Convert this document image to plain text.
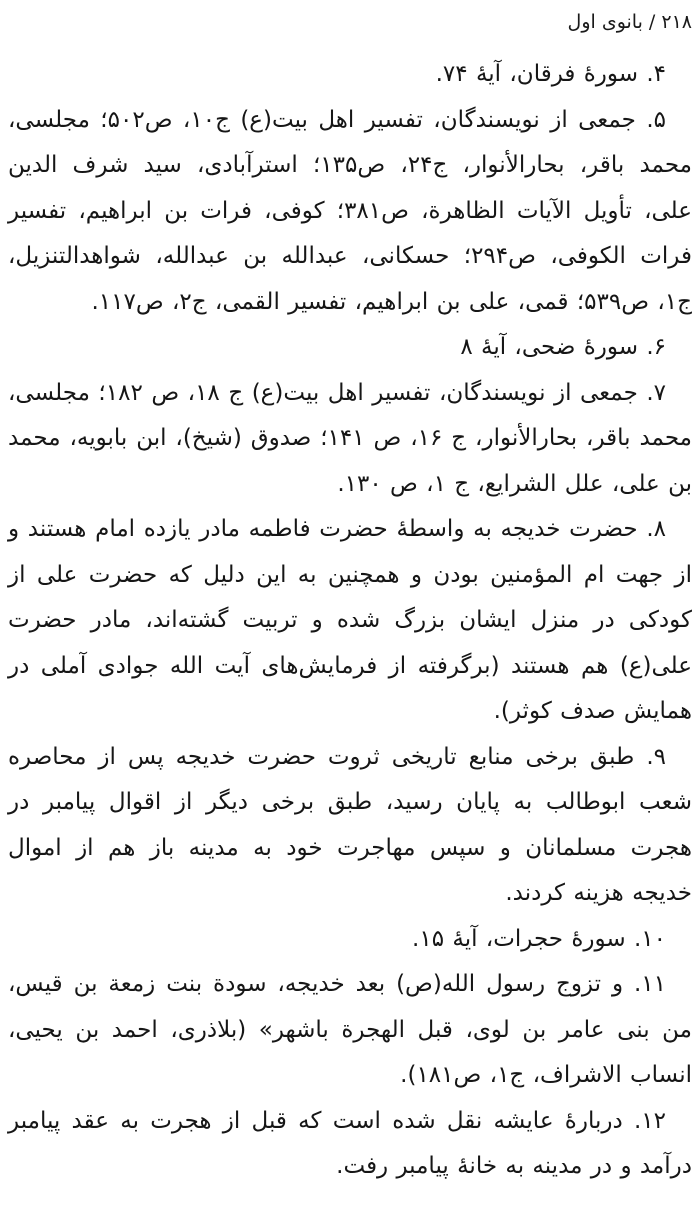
۲۱۸ / بانوی اول

۴. سورهٔ فرقان، آیهٔ ۷۴.

۵. جمعی از نویسندگان، تفسیر اهل بیت(ع) ج۱۰، ص۵۰۲؛ مجلسی، محمد باقر، بحارالأنوار، ج۲۴، ص۱۳۵؛ استرآبادی، سید شرف الدین علی، تأویل الآیات الظاهرة، ص۳۸۱؛ کوفی، فرات بن ابراهیم، تفسیر فرات الکوفی، ص۲۹۴؛ حسکانی، عبدالله بن عبدالله، شواهدالتنزیل، ج۱، ص۵۳۹؛ قمی، علی بن ابراهیم، تفسیر القمی، ج۲، ص۱۱۷.

۶. سورهٔ ضحی، آیهٔ ۸

۷. جمعی از نویسندگان، تفسیر اهل بیت(ع) ج ۱۸، ص ۱۸۲؛ مجلسی، محمد باقر، بحارالأنوار، ج ۱۶، ص ۱۴۱؛ صدوق (شیخ)، ابن بابویه، محمد بن علی، علل الشرایع، ج ۱، ص ۱۳۰.

۸. حضرت خدیجه به واسطهٔ حضرت فاطمه مادر یازده امام هستند و از جهت ام المؤمنین بودن و همچنین به این دلیل که حضرت علی از کودکی در منزل ایشان بزرگ شده و تربیت گشته‌اند، مادر حضرت علی(ع) هم هستند (برگرفته از فرمایش‌های آیت الله جوادی آملی در همایش صدف کوثر).

۹. طبق برخی منابع تاریخی ثروت حضرت خدیجه پس از محاصره شعب ابوطالب به پایان رسید، طبق برخی دیگر از اقوال پیامبر در هجرت مسلمانان و سپس مهاجرت خود به مدینه باز هم از اموال خدیجه هزینه کردند.

۱۰. سورهٔ حجرات، آیهٔ ۱۵.

۱۱. و تزوج رسول الله(ص) بعد خدیجه، سودة بنت زمعة بن قیس، من بنی عامر بن لوی، قبل الهجرة باشهر» (بلاذری، احمد بن یحیی، انساب الاشراف، ج۱، ص۱۸۱).

۱۲. دربارهٔ عایشه نقل شده است که قبل از هجرت به عقد پیامبر درآمد و در مدینه به خانهٔ پیامبر رفت.
